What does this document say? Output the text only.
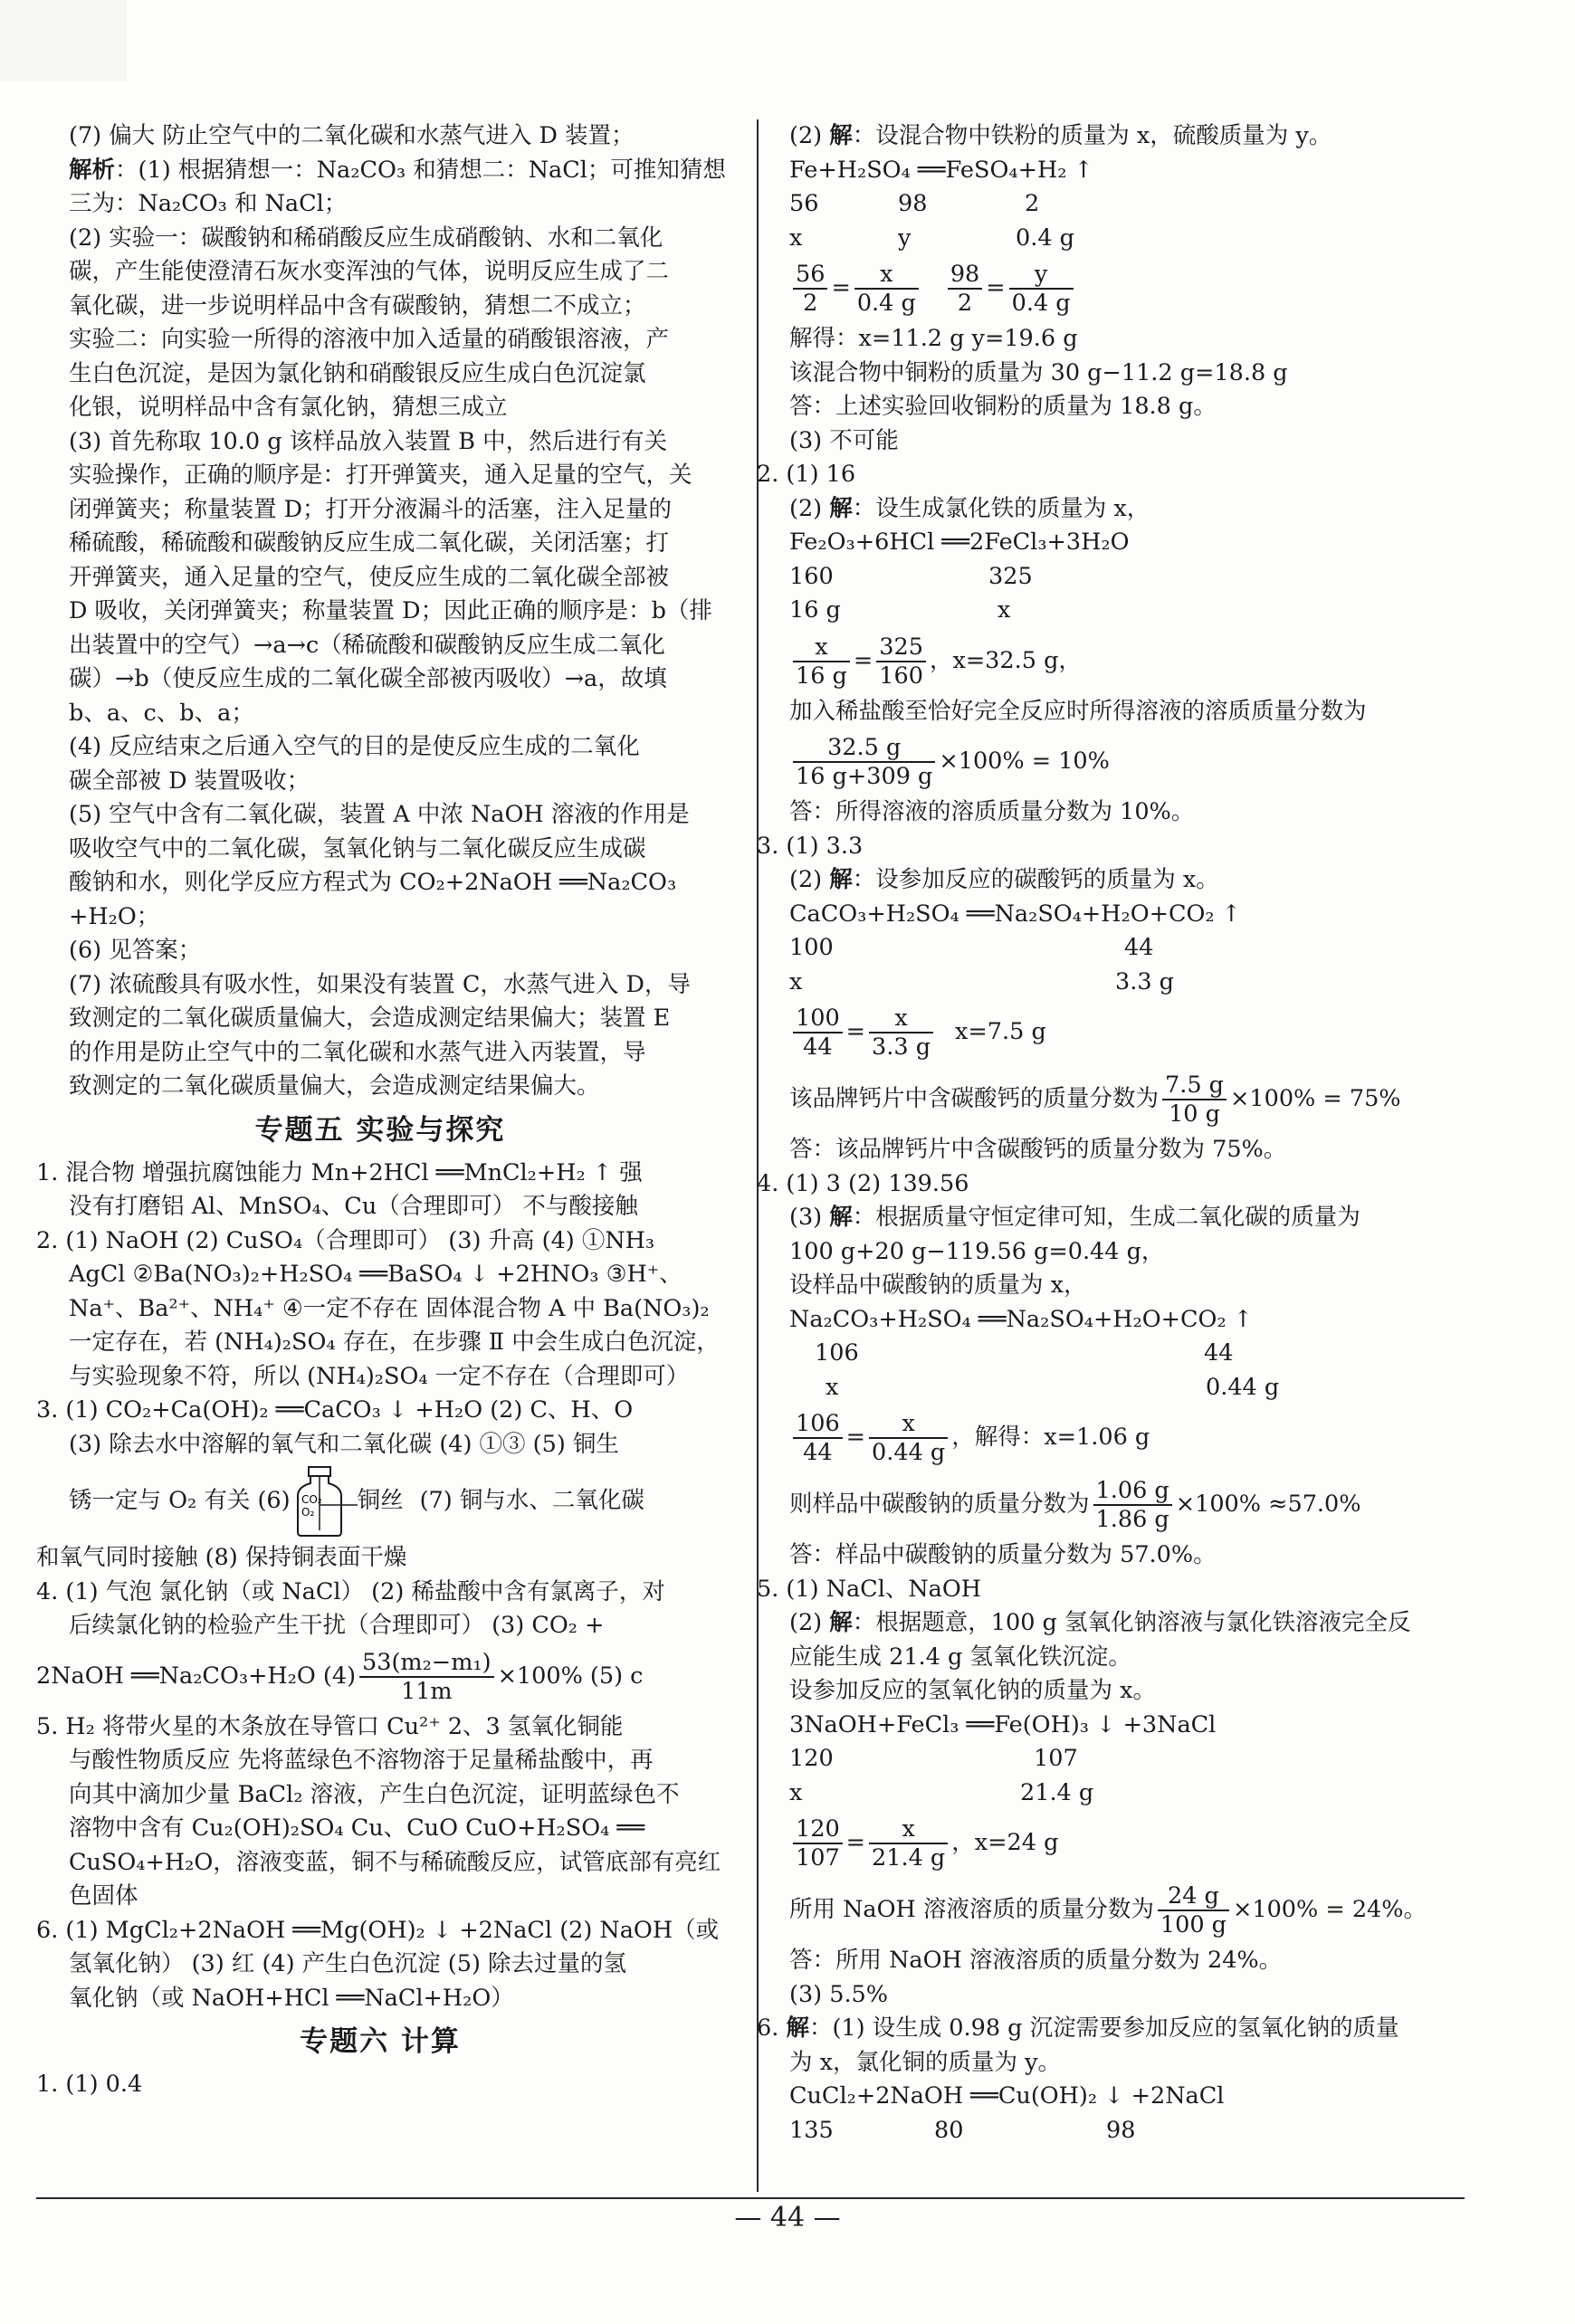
(7) 偏大 防止空气中的二氧化碳和水蒸气进入 D 装置；

解析：(1) 根据猜想一：Na₂CO₃ 和猜想二：NaCl；可推知猜想

三为：Na₂CO₃ 和 NaCl；

(2) 实验一：碳酸钠和稀硝酸反应生成硝酸钠、水和二氧化

碳，产生能使澄清石灰水变浑浊的气体，说明反应生成了二

氧化碳，进一步说明样品中含有碳酸钠，猜想二不成立；

实验二：向实验一所得的溶液中加入适量的硝酸银溶液，产

生白色沉淀，是因为氯化钠和硝酸银反应生成白色沉淀氯

化银，说明样品中含有氯化钠，猜想三成立

(3) 首先称取 10.0 g 该样品放入装置 B 中，然后进行有关

实验操作，正确的顺序是：打开弹簧夹，通入足量的空气，关

闭弹簧夹；称量装置 D；打开分液漏斗的活塞，注入足量的

稀硫酸，稀硫酸和碳酸钠反应生成二氧化碳，关闭活塞；打

开弹簧夹，通入足量的空气，使反应生成的二氧化碳全部被

D 吸收，关闭弹簧夹；称量装置 D；因此正确的顺序是：b（排

出装置中的空气）→a→c（稀硫酸和碳酸钠反应生成二氧化

碳）→b（使反应生成的二氧化碳全部被丙吸收）→a，故填

b、a、c、b、a；

(4) 反应结束之后通入空气的目的是使反应生成的二氧化

碳全部被 D 装置吸收；

(5) 空气中含有二氧化碳，装置 A 中浓 NaOH 溶液的作用是

吸收空气中的二氧化碳，氢氧化钠与二氧化碳反应生成碳

酸钠和水，则化学反应方程式为 CO₂+2NaOH ══Na₂CO₃

+H₂O；

(6) 见答案；

(7) 浓硫酸具有吸水性，如果没有装置 C，水蒸气进入 D，导

致测定的二氧化碳质量偏大，会造成测定结果偏大；装置 E

的作用是防止空气中的二氧化碳和水蒸气进入丙装置，导

致测定的二氧化碳质量偏大，会造成测定结果偏大。

专题五 实验与探究

1. 混合物 增强抗腐蚀能力 Mn+2HCl ══MnCl₂+H₂ ↑ 强

没有打磨铝 Al、MnSO₄、Cu（合理即可） 不与酸接触

2. (1) NaOH (2) CuSO₄（合理即可） (3) 升高 (4) ①NH₃

AgCl ②Ba(NO₃)₂+H₂SO₄ ══BaSO₄ ↓ +2HNO₃ ③H⁺、

Na⁺、Ba²⁺、NH₄⁺ ④一定不存在 固体混合物 A 中 Ba(NO₃)₂

一定存在，若 (NH₄)₂SO₄ 存在，在步骤 Ⅱ 中会生成白色沉淀，

与实验现象不符，所以 (NH₄)₂SO₄ 一定不存在（合理即可）

3. (1) CO₂+Ca(OH)₂ ══CaCO₃ ↓ +H₂O (2) C、H、O

(3) 除去水中溶解的氧气和二氧化碳 (4) ①③ (5) 铜生

锈一定与 O₂ 有关 (6) CO₂
O₂ 铜丝 (7) 铜与水、二氧化碳

和氧气同时接触 (8) 保持铜表面干燥

4. (1) 气泡 氯化钠（或 NaCl） (2) 稀盐酸中含有氯离子，对

后续氯化钠的检验产生干扰（合理即可） (3) CO₂ +

2NaOH ══Na₂CO₃+H₂O $(4) \frac{\text{53(m₂−m₁)}}{11m} \times 100\%$ (5) c

5. H₂ 将带火星的木条放在导管口 Cu²⁺ 2、3 氢氧化铜能

与酸性物质反应 先将蓝绿色不溶物溶于足量稀盐酸中，再

向其中滴加少量 BaCl₂ 溶液，产生白色沉淀，证明蓝绿色不

溶物中含有 Cu₂(OH)₂SO₄ Cu、CuO CuO+H₂SO₄ ══

CuSO₄+H₂O，溶液变蓝，铜不与稀硫酸反应，试管底部有亮红

色固体

6. (1) MgCl₂+2NaOH ══Mg(OH)₂ ↓ +2NaCl (2) NaOH（或

氢氧化钠） (3) 红 (4) 产生白色沉淀 (5) 除去过量的氢

氧化钠（或 NaOH+HCl ══NaCl+H₂O）

专题六 计算

1. (1) 0.4

(2) 解：设混合物中铁粉的质量为 x，硫酸质量为 y。

Fe+H₂SO₄ ══FeSO₄+H₂ ↑

56	98	2

x	y	0.4 g

$\frac{56}{2} = \frac{x}{0.4 g} \frac{98}{2} = \frac{y}{0.4 g}$

解得：x=11.2 g y=19.6 g

该混合物中铜粉的质量为 30 g−11.2 g=18.8 g

答：上述实验回收铜粉的质量为 18.8 g。

(3) 不可能

2. (1) 16

(2) 解：设生成氯化铁的质量为 x，

Fe₂O₃+6HCl ══2FeCl₃+3H₂O

160	325

16 g	x

$\frac{x}{16 g} = \frac{325}{160}$ ，x=32.5 g，

加入稀盐酸至恰好完全反应时所得溶液的溶质质量分数为

$\frac{32.5 g}{16 g+309 g} \times 100\% = 10\%$

答：所得溶液的溶质质量分数为 10%。

3. (1) 3.3

(2) 解：设参加反应的碳酸钙的质量为 x。

CaCO₃+H₂SO₄ ══Na₂SO₄+H₂O+CO₂ ↑

100	44

x	3.3 g

$\frac{100}{44} = \frac{x}{3.3 g} x=7.5$ g

该品牌钙片中含碳酸钙的质量分数为 $\frac{7.5 g}{10 g} \times 100\% = 75\%$

答：该品牌钙片中含碳酸钙的质量分数为 75%。

4. (1) 3 (2) 139.56

(3) 解：根据质量守恒定律可知，生成二氧化碳的质量为

100 g+20 g−119.56 g=0.44 g，

设样品中碳酸钠的质量为 x，

Na₂CO₃+H₂SO₄ ══Na₂SO₄+H₂O+CO₂ ↑

106	44

x	0.44 g

$\frac{106}{44} = \frac{x}{0.44 g}$ ，解得：x=1.06 g

则样品中碳酸钠的质量分数为 $\frac{1.06 g}{1.86 g} \times 100\% \approx 57.0\%$

答：样品中碳酸钠的质量分数为 57.0%。

5. (1) NaCl、NaOH

(2) 解：根据题意，100 g 氢氧化钠溶液与氯化铁溶液完全反

应能生成 21.4 g 氢氧化铁沉淀。

设参加反应的氢氧化钠的质量为 x。

3NaOH+FeCl₃ ══Fe(OH)₃ ↓ +3NaCl

120	107

x	21.4 g

$\frac{120}{107} = \frac{x}{21.4 g}$ ，x=24 g

所用 NaOH 溶液溶质的质量分数为 $\frac{24 g}{100 g} \times 100\% = 24\%$。

答：所用 NaOH 溶液溶质的质量分数为 24%。

(3) 5.5%

6. 解：(1) 设生成 0.98 g 沉淀需要参加反应的氢氧化钠的质量

为 x，氯化铜的质量为 y。

CuCl₂+2NaOH ══Cu(OH)₂ ↓ +2NaCl

135	80	98

— 44 —
